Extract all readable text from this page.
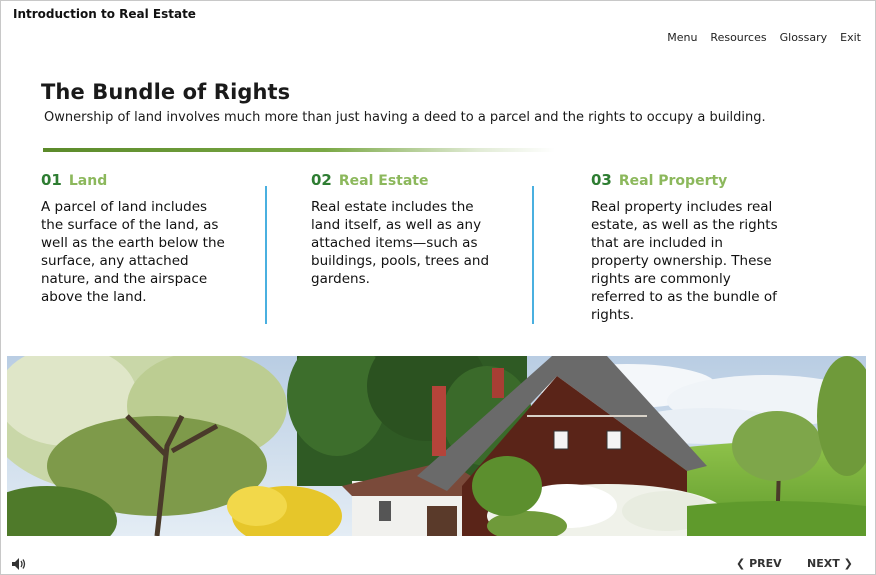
Introduction to Real Estate
Menu Resources Glossary Exit
The Bundle of Rights
Ownership of land involves much more than just having a deed to a parcel and the rights to occupy a building.
01 Land
A parcel of land includes
the surface of the land, as
well as the earth below the
surface, any attached
nature, and the airspace
above the land.
02 Real Estate
Real estate includes the
land itself, as well as any
attached items—such as
buildings, pools, trees and
gardens.
03 Real Property
Real property includes real
estate, as well as the rights
that are included in
property ownership. These
rights are commonly
referred to as the bundle of
rights.
❮ PREV NEXT ❯
